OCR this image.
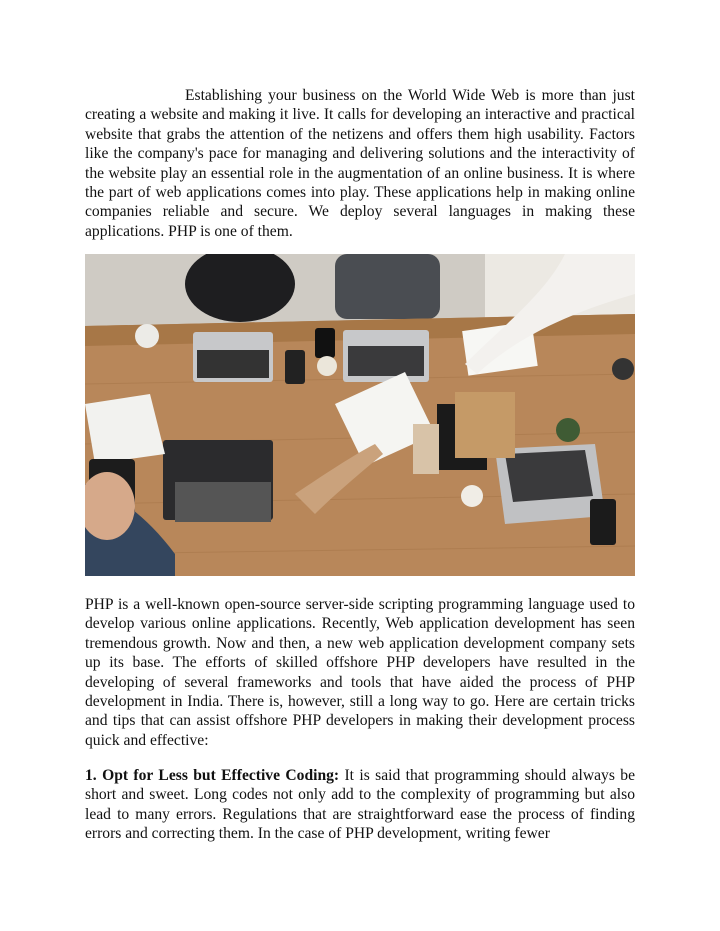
Establishing your business on the World Wide Web is more than just creating a website and making it live. It calls for developing an interactive and practical website that grabs the attention of the netizens and offers them high usability. Factors like the company's pace for managing and delivering solutions and the interactivity of the website play an essential role in the augmentation of an online business. It is where the part of web applications comes into play. These applications help in making online companies reliable and secure. We deploy several languages in making these applications. PHP is one of them.

PHP is a well-known open-source server-side scripting programming language used to develop various online applications. Recently, Web application development has seen tremendous growth. Now and then, a new web application development company sets up its base. The efforts of skilled offshore PHP developers have resulted in the developing of several frameworks and tools that have aided the process of PHP development in India. There is, however, still a long way to go. Here are certain tricks and tips that can assist offshore PHP developers in making their development process quick and effective:

1. Opt for Less but Effective Coding: It is said that programming should always be short and sweet. Long codes not only add to the complexity of programming but also lead to many errors. Regulations that are straightforward ease the process of finding errors and correcting them. In the case of PHP development, writing fewer
